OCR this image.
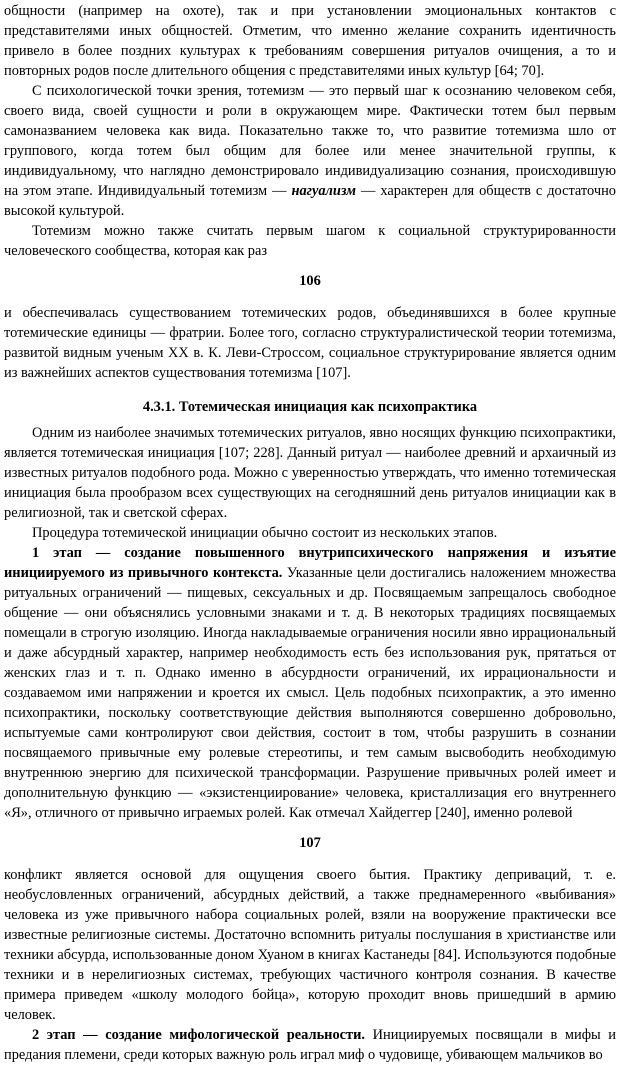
общности (например на охоте), так и при установлении эмоциональных контактов с представителями иных общностей. Отметим, что именно желание сохранить идентичность привело в более поздних культурах к требованиям совершения ритуалов очищения, а то и повторных родов после длительного общения с представителями иных культур [64; 70].

С психологической точки зрения, тотемизм — это первый шаг к осознанию человеком себя, своего вида, своей сущности и роли в окружающем мире. Фактически тотем был первым самоназванием человека как вида. Показательно также то, что развитие тотемизма шло от группового, когда тотем был общим для более или менее значительной группы, к индивидуальному, что наглядно демонстрировало индивидуализацию сознания, происходившую на этом этапе. Индивидуальный тотемизм — нагуализм — характерен для обществ с достаточно высокой культурой.

Тотемизм можно также считать первым шагом к социальной структурированности человеческого сообщества, которая как раз

106

и обеспечивалась существованием тотемических родов, объединявшихся в более крупные тотемические единицы — фратрии. Более того, согласно структуралистической теории тотемизма, развитой видным ученым XX в. К. Леви-Строссом, социальное структурирование является одним из важнейших аспектов существования тотемизма [107].

4.3.1. Тотемическая инициация как психопрактика

Одним из наиболее значимых тотемических ритуалов, явно носящих функцию психопрактики, является тотемическая инициация [107; 228]. Данный ритуал — наиболее древний и архаичный из известных ритуалов подобного рода. Можно с уверенностью утверждать, что именно тотемическая инициация была прообразом всех существующих на сегодняшний день ритуалов инициации как в религиозной, так и светской сферах.

Процедура тотемической инициации обычно состоит из нескольких этапов.

1 этап — создание повышенного внутрипсихического напряжения и изъятие инициируемого из привычного контекста. Указанные цели достигались наложением множества ритуальных ограничений — пищевых, сексуальных и др. Посвящаемым запрещалось свободное общение — они объяснялись условными знаками и т. д. В некоторых традициях посвящаемых помещали в строгую изоляцию. Иногда накладываемые ограничения носили явно иррациональный и даже абсурдный характер, например необходимость есть без использования рук, прятаться от женских глаз и т. п. Однако именно в абсурдности ограничений, их иррациональности и создаваемом ими напряжении и кроется их смысл. Цель подобных психопрактик, а это именно психопрактики, поскольку соответствующие действия выполняются совершенно добровольно, испытуемые сами контролируют свои действия, состоит в том, чтобы разрушить в сознании посвящаемого привычные ему ролевые стереотипы, и тем самым высвободить необходимую внутреннюю энергию для психической трансформации. Разрушение привычных ролей имеет и дополнительную функцию — «экзистенциирование» человека, кристаллизация его внутреннего «Я», отличного от привычно играемых ролей. Как отмечал Хайдеггер [240], именно ролевой

107

конфликт является основой для ощущения своего бытия. Практику деприваций, т. е. необусловленных ограничений, абсурдных действий, а также преднамеренного «выбивания» человека из уже привычного набора социальных ролей, взяли на вооружение практически все известные религиозные системы. Достаточно вспомнить ритуалы послушания в христианстве или техники абсурда, использованные доном Хуаном в книгах Кастанеды [84]. Используются подобные техники и в нерелигиозных системах, требующих частичного контроля сознания. В качестве примера приведем «школу молодого бойца», которую проходит вновь пришедший в армию человек.

2 этап — создание мифологической реальности. Инициируемых посвящали в мифы и предания племени, среди которых важную роль играл миф о чудовище, убивающем мальчиков во
